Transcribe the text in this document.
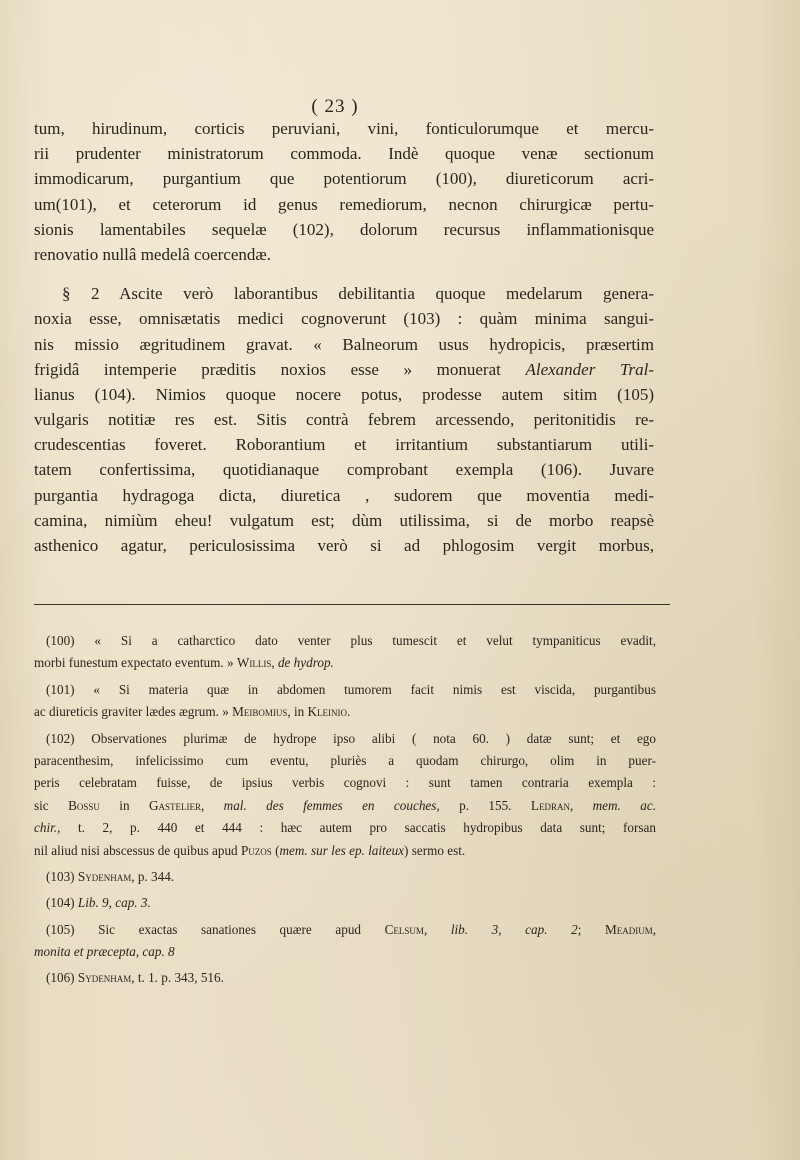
( 23 )
tum, hirudinum, corticis peruviani, vini, fonticulorumque et mercu-
rii prudenter ministratorum commoda. Indè quoque venæ sectionum
immodicarum, purgantium que potentiorum (100), diureticorum acri-
um(101), et ceterorum id genus remediorum, necnon chirurgicæ pertu-
sionis lamentabiles sequelæ (102), dolorum recursus inflammationisque
renovatio nullâ medelâ coercendæ.
§ 2 Ascite verò laborantibus debilitantia quoque medelarum genera-
noxia esse, omnisætatis medici cognoverunt (103) : quàm minima sangui-
nis missio ægritudinem gravat. « Balneorum usus hydropicis, præsertim
frigidâ intemperie præditis noxios esse » monuerat Alexander Tral-
lianus (104). Nimios quoque nocere potus, prodesse autem sitim (105)
vulgaris notitiæ res est. Sitis contrà febrem arcessendo, peritonitidis re-
crudescentias foveret. Roborantium et irritantium substantiarum utili-
tatem confertissima, quotidianaque comprobant exempla (106). Juvare
purgantia hydragoga dicta, diuretica , sudorem que moventia medi-
camina, nimiùm eheu! vulgatum est; dùm utilissima, si de morbo reapsè
asthenico agatur, periculosissima verò si ad phlogosim vergit morbus,
(100) « Si a catharctico dato venter plus tumescit et velut tympaniticus evadit,
morbi funestum expectato eventum. » Willis, de hydrop.
(101) « Si materia quæ in abdomen tumorem facit nimis est viscida, purgantibus
ac diureticis graviter lædes ægrum. » Meibomius, in Kleinio.
(102) Observationes plurimæ de hydrope ipso alibi ( nota 60. ) datæ sunt; et ego
paracenthesim, infelicissimo cum eventu, pluriès a quodam chirurgo, olim in puer-
peris celebratam fuisse, de ipsius verbis cognovi : sunt tamen contraria exempla :
sic Bossu in Gastelier, mal. des femmes en couches, p. 155. Ledran, mem. ac.
chir., t. 2, p. 440 et 444 : hæc autem pro saccatis hydropibus data sunt; forsan
nil aliud nisi abscessus de quibus apud Puzos (mem. sur les ep. laiteux) sermo est.
(103) Sydenham, p. 344.
(104) Lib. 9, cap. 3.
(105) Sic exactas sanationes quære apud Celsum, lib. 3, cap. 2; Meadium,
monita et præcepta, cap. 8
(106) Sydenham, t. 1. p. 343, 516.
